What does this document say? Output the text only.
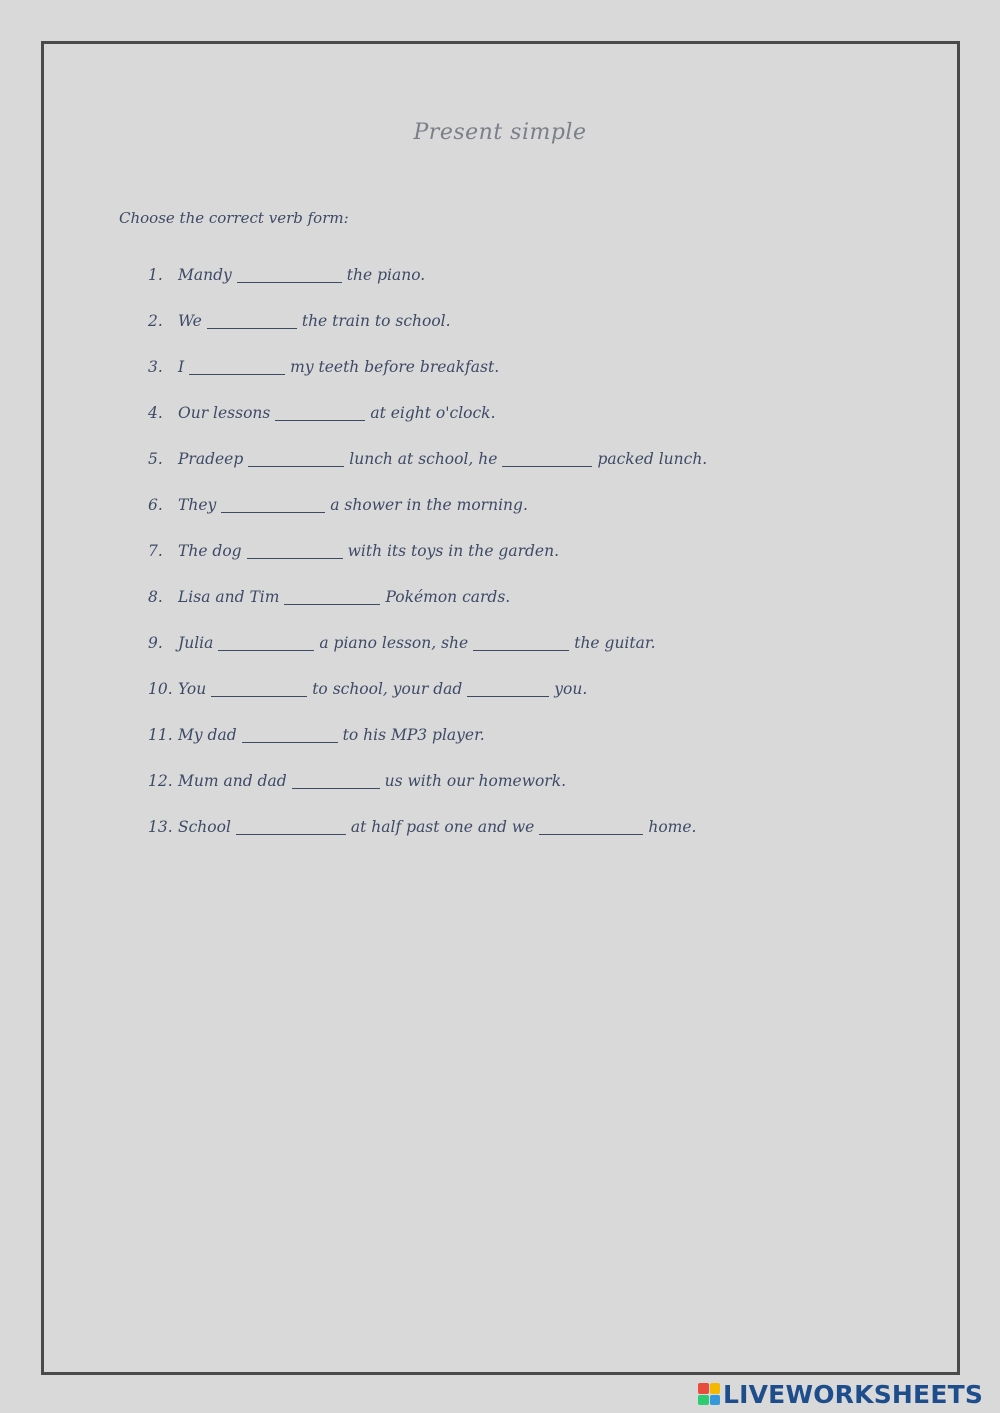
Present simple
Choose the correct verb form:
1. Mandy	the piano.
2. We	the train to school.
3. I	my teeth before breakfast.
4. Our lessons	at eight o'clock.
5. Pradeep	lunch at school, he	packed lunch.
6. They	a shower in the morning.
7. The dog	with its toys in the garden.
8. Lisa and Tim	Pokémon cards.
9. Julia	a piano lesson, she	the guitar.
10. You	to school, your dad	you.
11. My dad	to his MP3 player.
12. Mum and dad	us with our homework.
13. School	at half past one and we	home.
LIVEWORKSHEETS
